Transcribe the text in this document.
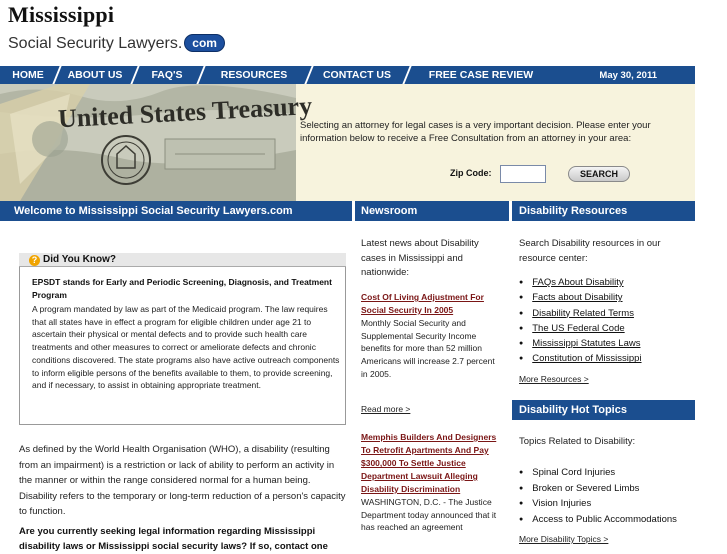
Mississippi
Social Security Lawyers. com
HOME	ABOUT US	FAQ'S	RESOURCES	CONTACT US	FREE CASE REVIEW	May 30, 2011
United States Treasury
Selecting an attorney for legal cases is a very important decision. Please enter your information below to receive a Free Consultation from an attorney in your area:
Zip Code:	SEARCH
Welcome to Mississippi Social Security Lawyers.com	Newsroom	Disability Resources
Disability Hot Topics
? Did You Know?
EPSDT stands for Early and Periodic Screening, Diagnosis, and Treatment Program
A program mandated by law as part of the Medicaid program. The law requires that all states have in effect a program for eligible children under age 21 to ascertain their physical or mental defects and to provide such health care treatments and other measures to correct or ameliorate defects and chronic conditions discovered. The state programs also have active outreach components to inform eligible persons of the benefits available to them, to provide screening, and if necessary, to assist in obtaining appropriate treatment.
As defined by the World Health Organisation (WHO), a disability (resulting from an impairment) is a restriction or lack of ability to perform an activity in the manner or within the range considered normal for a human being. Disability refers to the temporary or long-term reduction of a person's capacity to function.
Are you currently seeking legal information regarding Mississippi disability laws or Mississippi social security laws? If so, contact one
Latest news about Disability cases in Mississippi and nationwide:
Cost Of Living Adjustment For Social Security In 2005
Monthly Social Security and Supplemental Security Income benefits for more than 52 million Americans will increase 2.7 percent in 2005.
Read more >
Memphis Builders And Designers To Retrofit Apartments And Pay $300,000 To Settle Justice Department Lawsuit Alleging Disability Discrimination
WASHINGTON, D.C. - The Justice Department today announced that it has reached an agreement
Search Disability resources in our resource center:
● FAQs About Disability
● Facts about Disability
● Disability Related Terms
● The US Federal Code
● Mississippi Statutes Laws
● Constitution of Mississippi
More Resources >
Topics Related to Disability:
● Spinal Cord Injuries
● Broken or Severed Limbs
● Vision Injuries
● Access to Public Accommodations
More Disability Topics >
